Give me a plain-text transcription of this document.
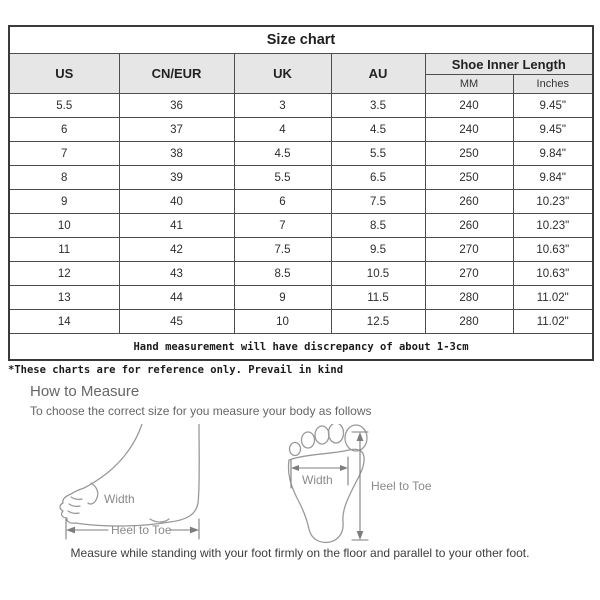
Size chart					
US	CN/EUR	UK	AU	Shoe Inner Length	
				MM	Inches
5.5	36	3	3.5	240	9.45"
6	37	4	4.5	240	9.45"
7	38	4.5	5.5	250	9.84"
8	39	5.5	6.5	250	9.84"
9	40	6	7.5	260	10.23"
10	41	7	8.5	260	10.23"
11	42	7.5	9.5	270	10.63"
12	43	8.5	10.5	270	10.63"
13	44	9	11.5	280	11.02"
14	45	10	12.5	280	11.02"
Hand measurement will have discrepancy of about 1-3cm					
*These charts are for reference only. Prevail in kind
How to Measure
To choose the correct size for you measure your body as follows
Width
Heel to Toe
Width	Heel to Toe
Measure while standing with your foot firmly on the floor and parallel to your other foot.
